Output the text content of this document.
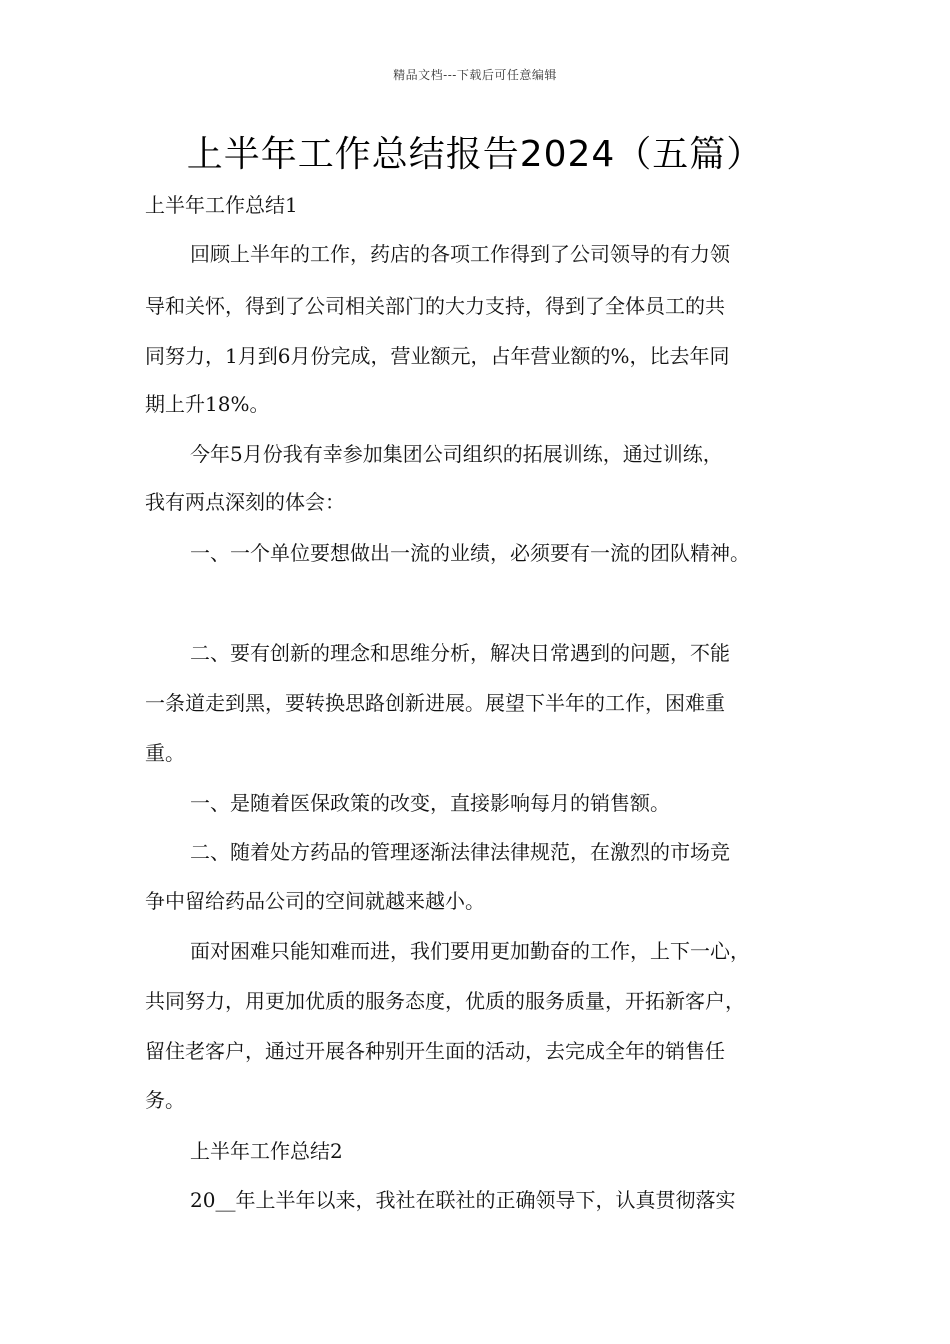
精品文档---下载后可任意编辑
上半年工作总结报告2024（五篇）
上半年工作总结1
回顾上半年的工作，药店的各项工作得到了公司领导的有力领
导和关怀，得到了公司相关部门的大力支持，得到了全体员工的共
同努力，1月到6月份完成，营业额元，占年营业额的%，比去年同
期上升18%。
今年5月份我有幸参加集团公司组织的拓展训练，通过训练，
我有两点深刻的体会：
一、一个单位要想做出一流的业绩，必须要有一流的团队精神。
二、要有创新的理念和思维分析，解决日常遇到的问题，不能
一条道走到黑，要转换思路创新进展。展望下半年的工作，困难重
重。
一、是随着医保政策的改变，直接影响每月的销售额。
二、随着处方药品的管理逐渐法律法律规范，在激烈的市场竞
争中留给药品公司的空间就越来越小。
面对困难只能知难而进，我们要用更加勤奋的工作，上下一心，
共同努力，用更加优质的服务态度，优质的服务质量，开拓新客户，
留住老客户，通过开展各种别开生面的活动，去完成全年的销售任
务。
上半年工作总结2
20__年上半年以来，我社在联社的正确领导下，认真贯彻落实
